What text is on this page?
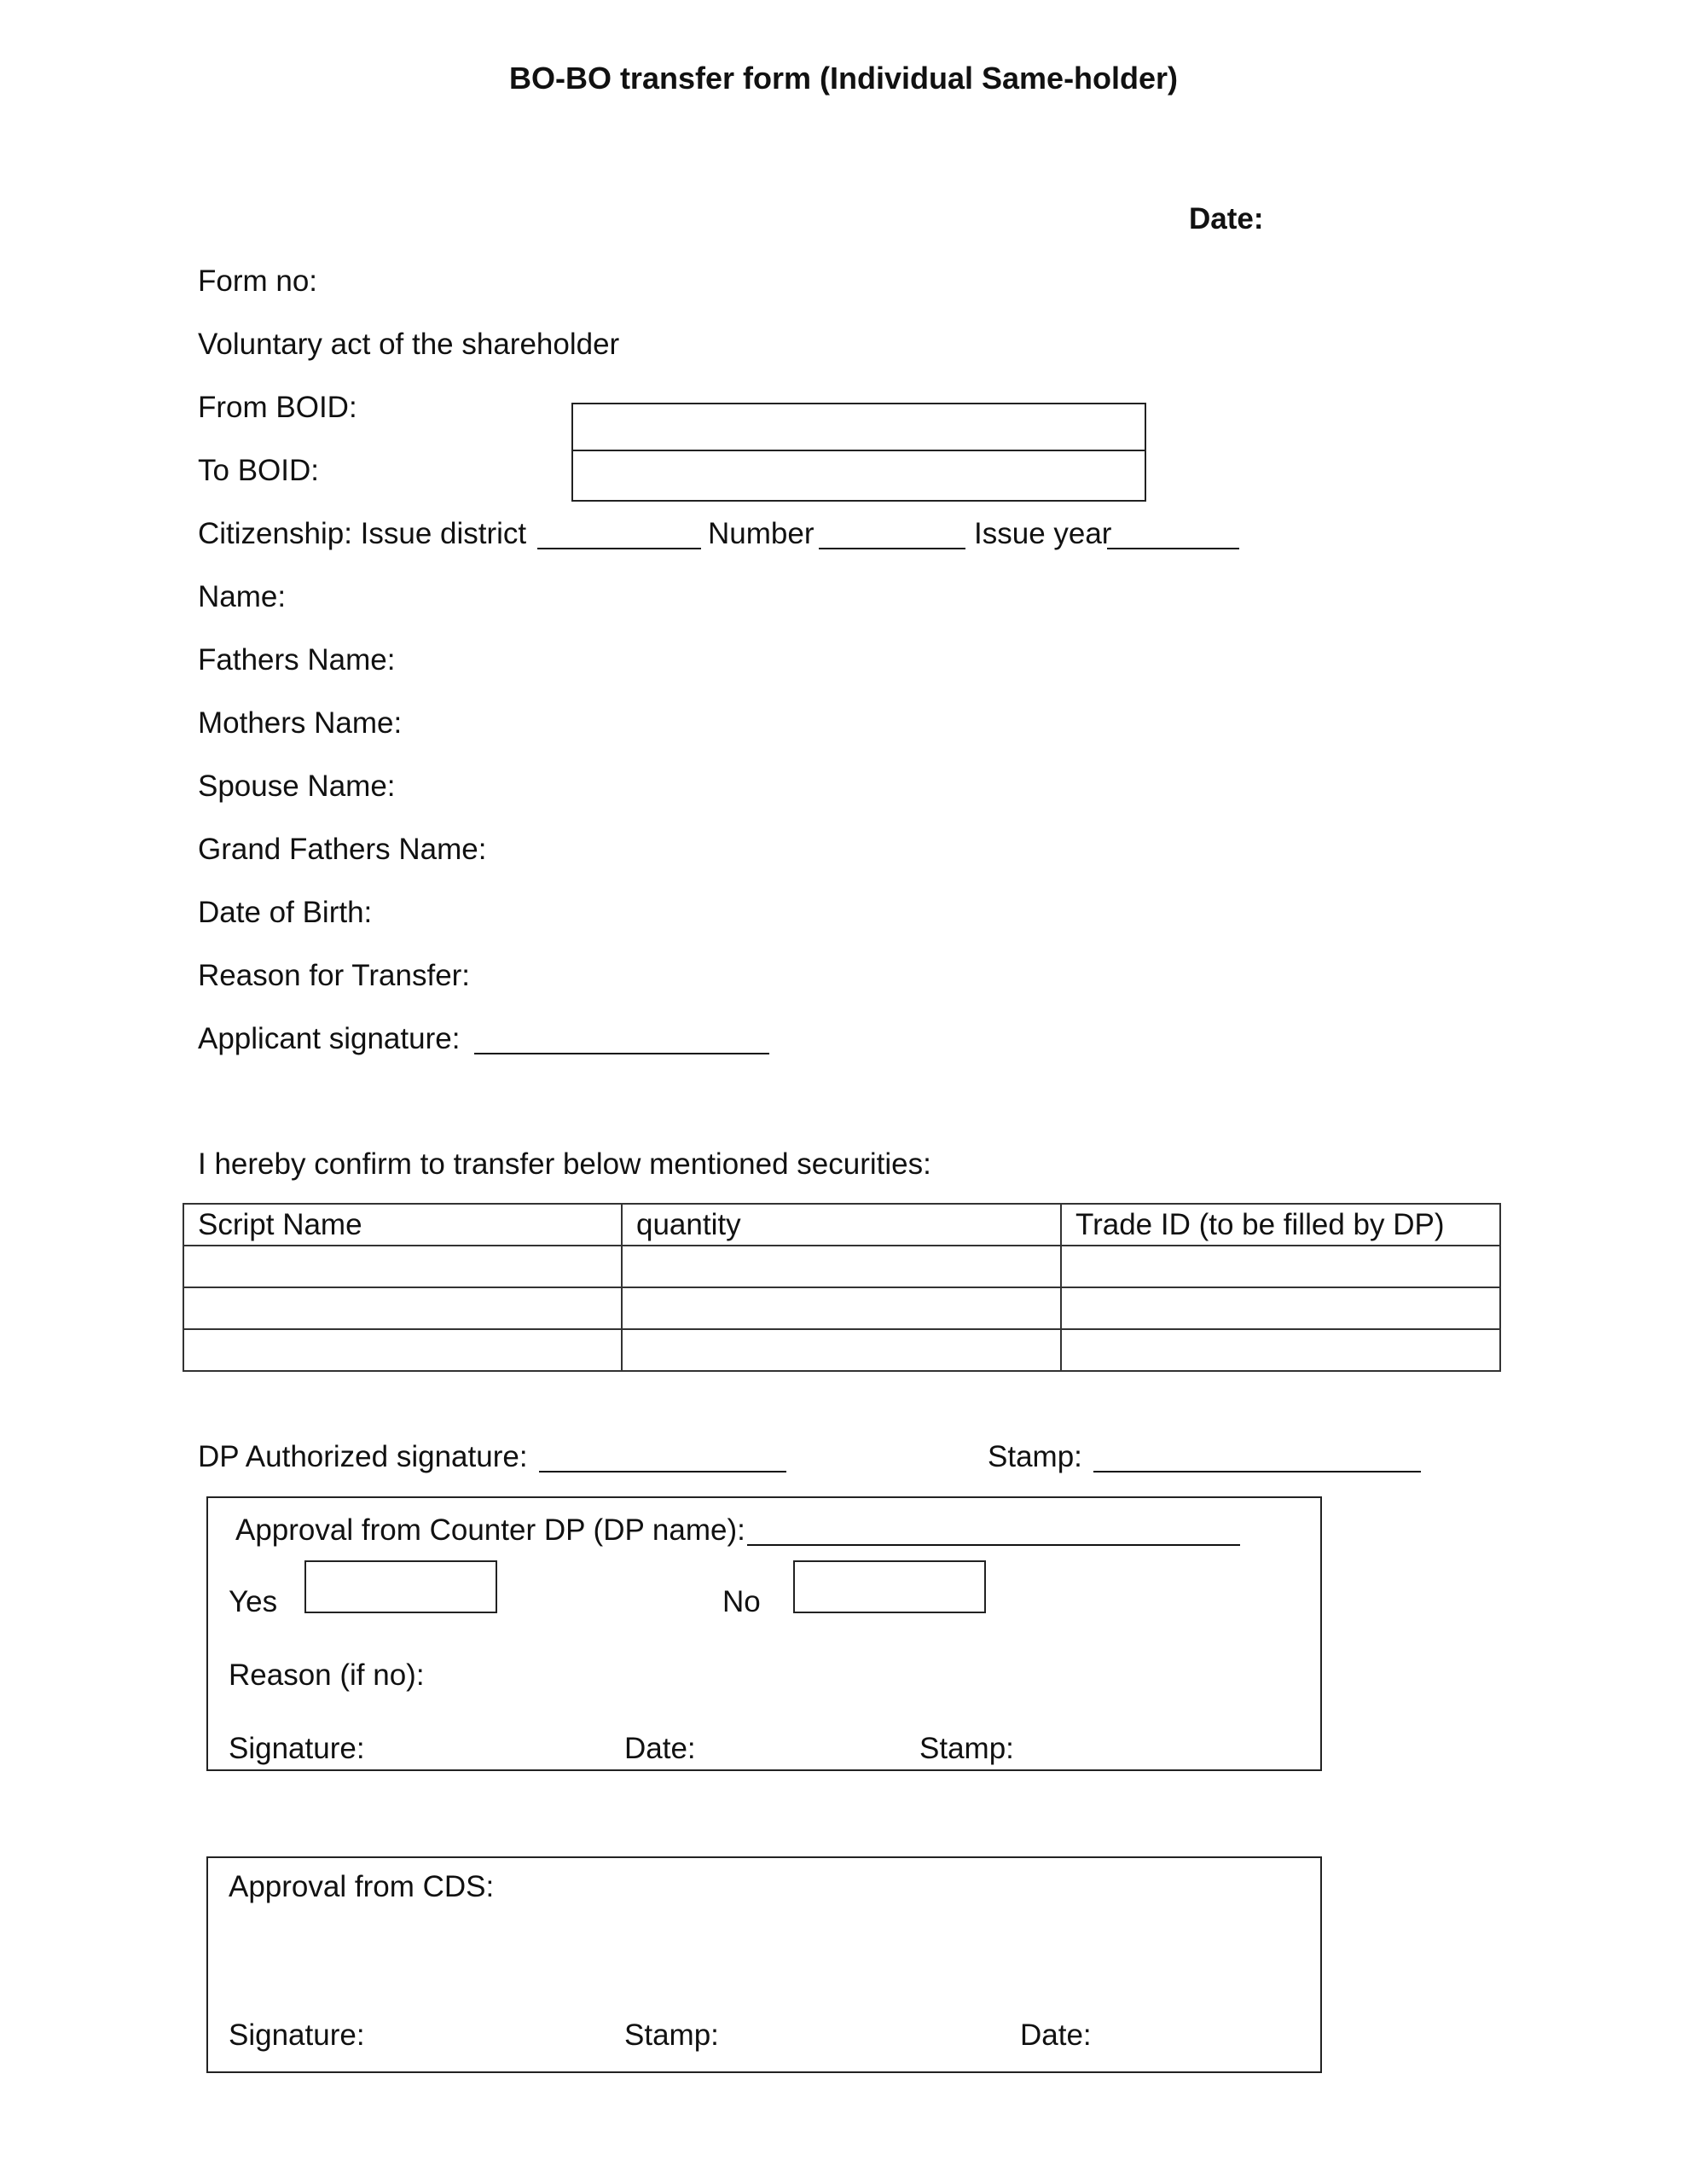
BO-BO transfer form (Individual Same-holder)
Date:
Form no:
Voluntary act of the shareholder
From BOID:
To BOID:
Citizenship: Issue district	Number	Issue year
Name:
Fathers Name:
Mothers Name:
Spouse Name:
Grand Fathers Name:
Date of Birth:
Reason for Transfer:
Applicant signature:
I hereby confirm to transfer below mentioned securities:
Script Name	quantity	Trade ID (to be filled by DP)

DP Authorized signature:	Stamp:
Approval from Counter DP (DP name):
Yes	No
Reason (if no):
Signature:	Date:	Stamp:
Approval from CDS:
Signature:	Stamp:	Date:
